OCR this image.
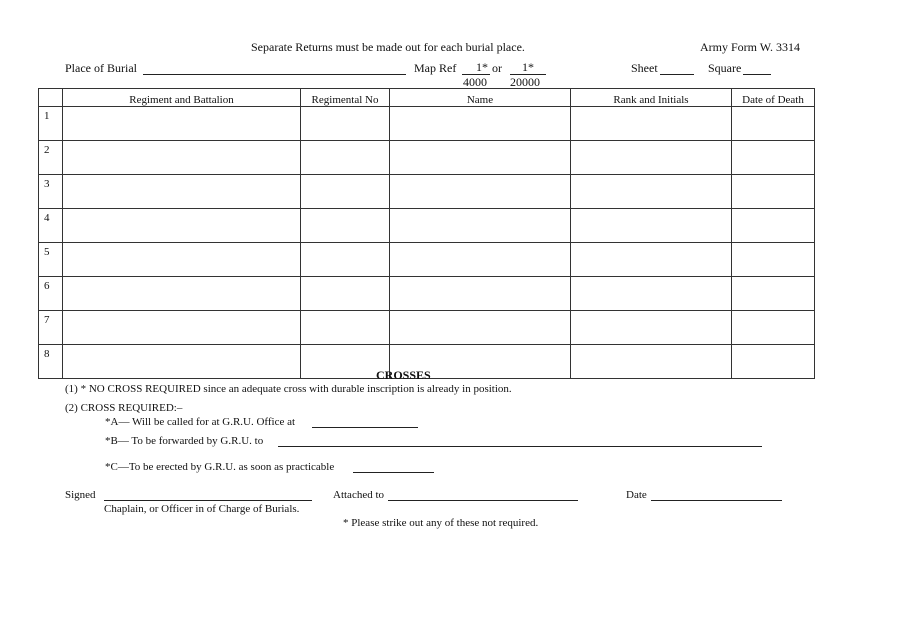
Separate Returns must be made out for each burial place.	Army Form W. 3314
Place of Burial	Map Ref 1* or 1*
4000 20000
Sheet	Square
	Regiment and Battalion	Regimental No	Name	Rank and Initials	Date of Death
1					
2					
3					
4					
5					
6					
7					
8					
CROSSES
(1) * NO CROSS REQUIRED since an adequate cross with durable inscription is already in position.
(2) CROSS REQUIRED:–
*A— Will be called for at G.R.U. Office at
*B— To be forwarded by G.R.U. to
*C—To be erected by G.R.U. as soon as practicable
Signed
Chaplain, or Officer in of Charge of Burials.
Attached to	Date
* Please strike out any of these not required.
